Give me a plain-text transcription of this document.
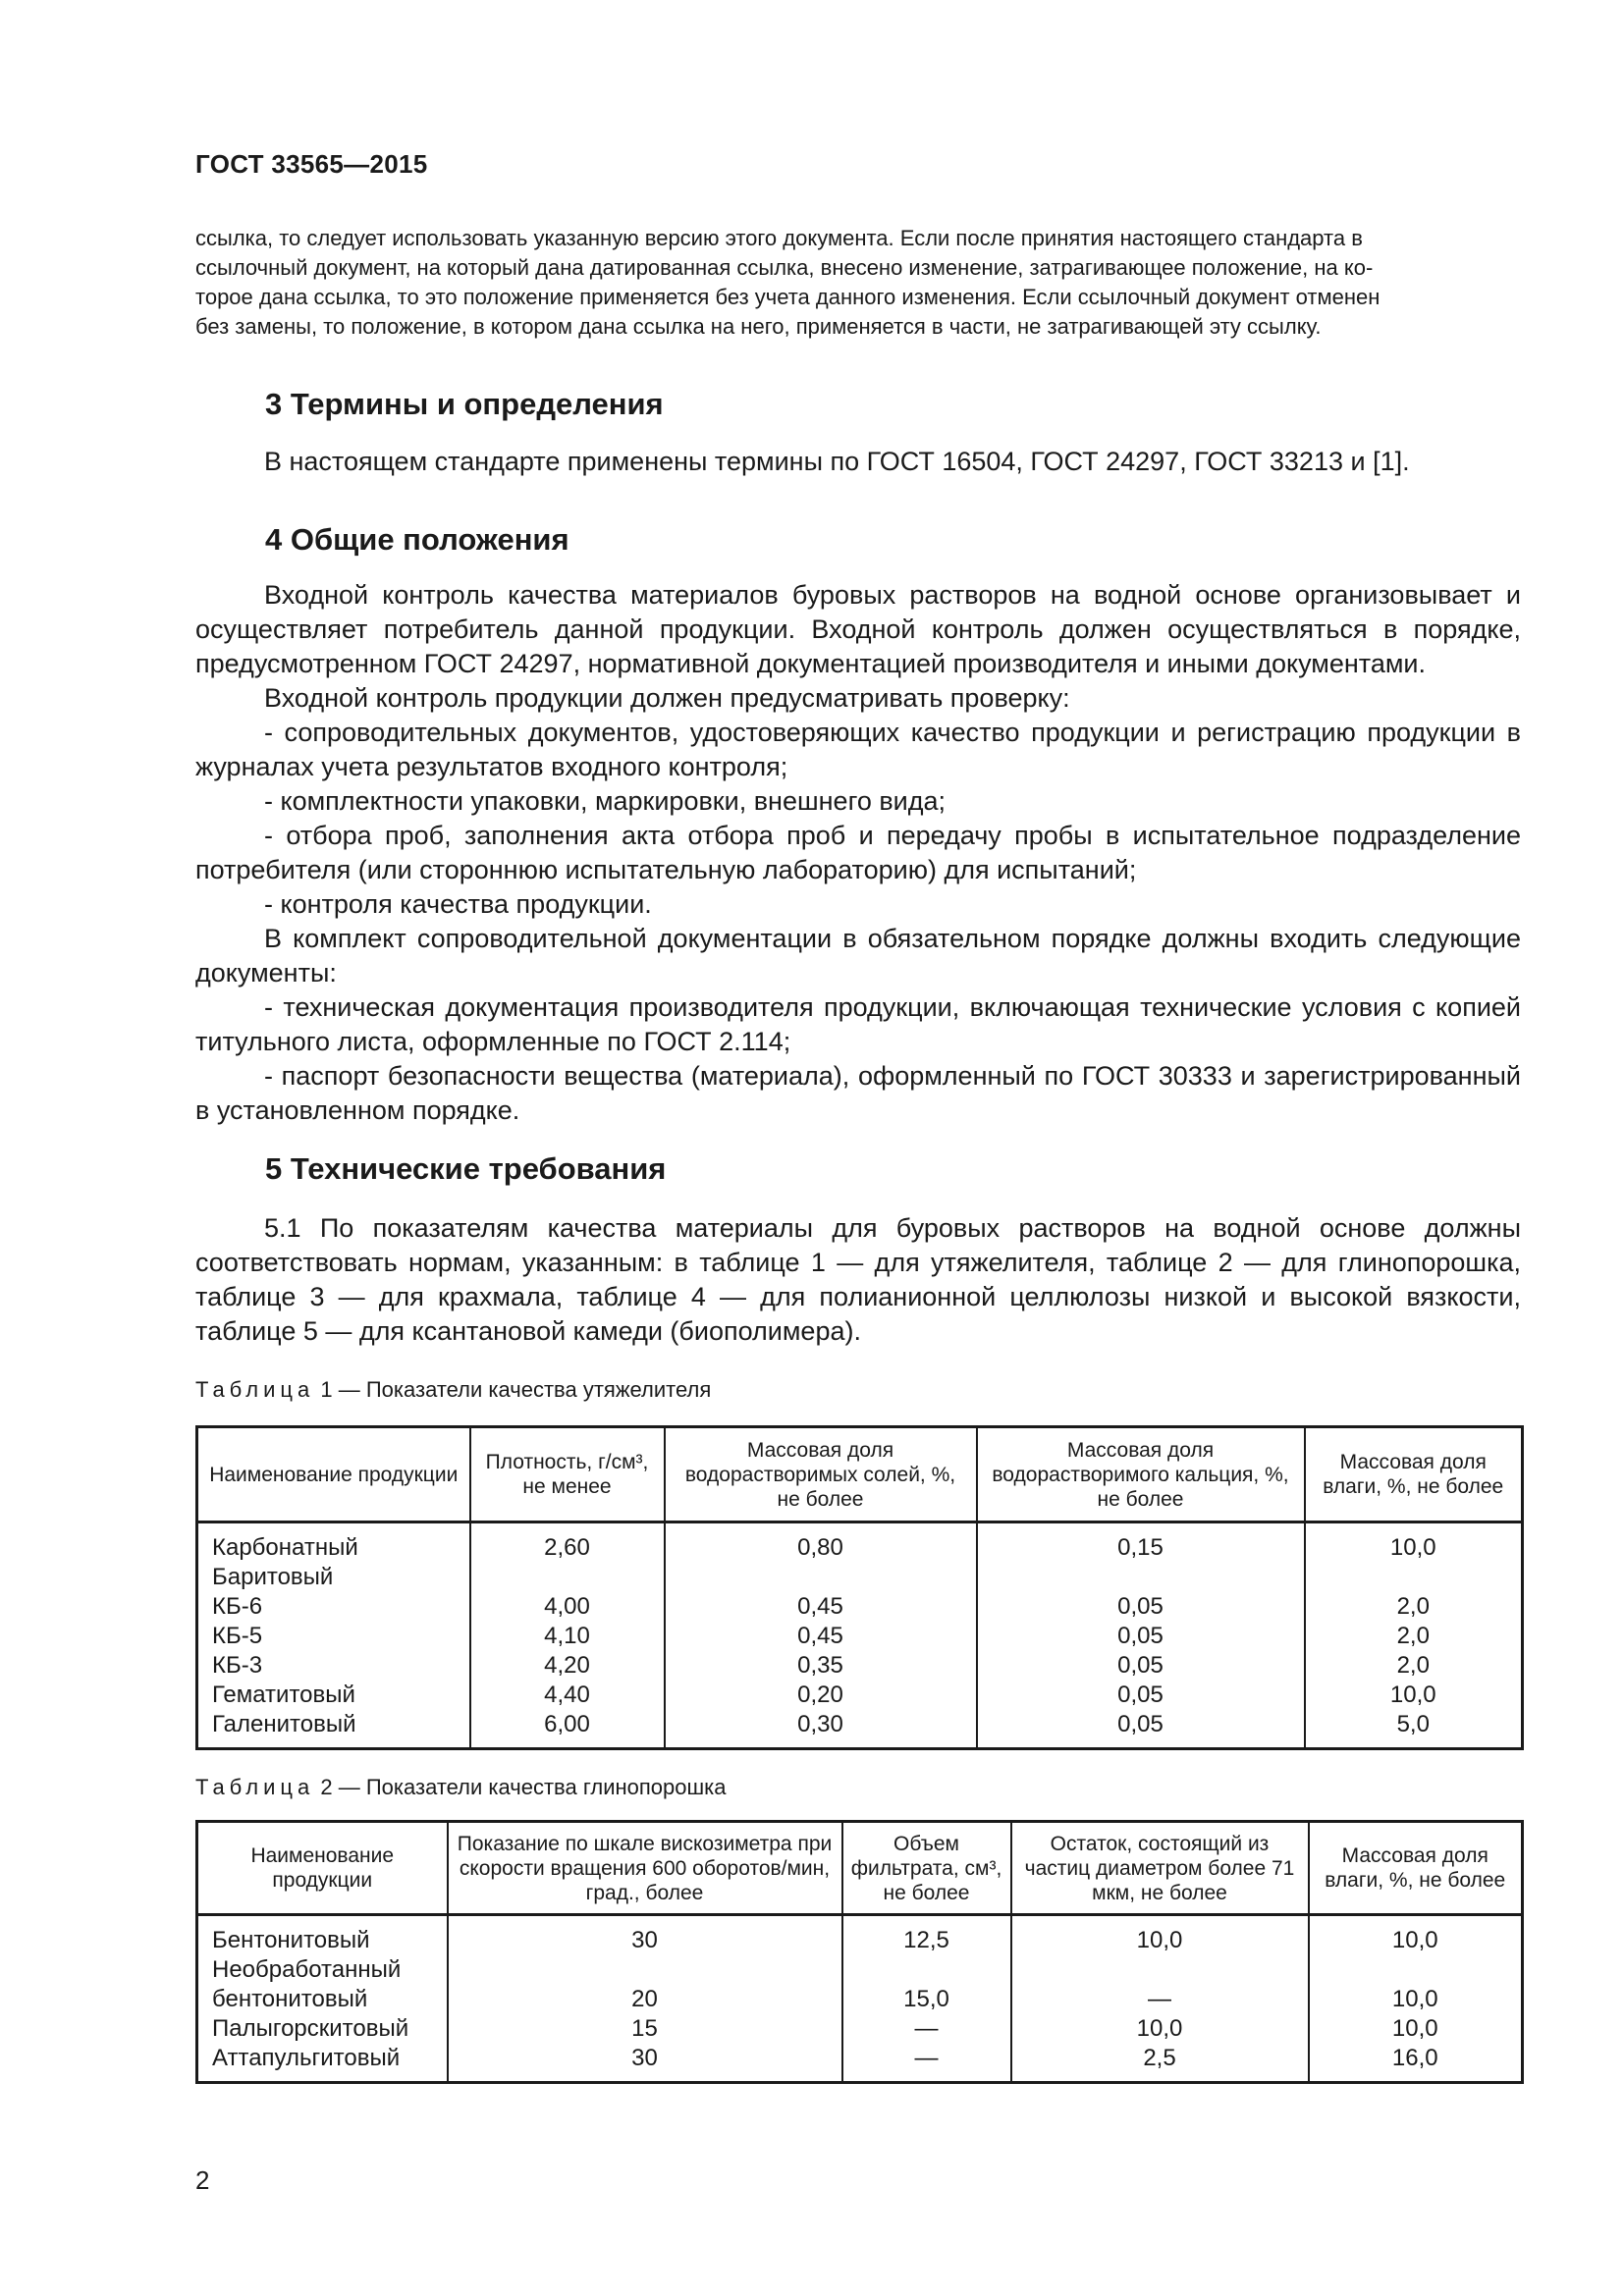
ГОСТ 33565—2015

ссылка, то следует использовать указанную версию этого документа. Если после принятия настоящего стандарта в

ссылочный документ, на который дана датированная ссылка, внесено изменение, затрагивающее положение, на ко-

торое дана ссылка, то это положение применяется без учета данного изменения. Если ссылочный документ отменен

без замены, то положение, в котором дана ссылка на него, применяется в части, не затрагивающей эту ссылку.

3 Термины и определения

В настоящем стандарте применены термины по ГОСТ 16504, ГОСТ 24297, ГОСТ 33213 и [1].

4 Общие положения

Входной контроль качества материалов буровых растворов на водной основе организовывает и осуществляет потребитель данной продукции. Входной контроль должен осуществляться в порядке, предусмотренном ГОСТ 24297, нормативной документацией производителя и иными документами.

Входной контроль продукции должен предусматривать проверку:

- сопроводительных документов, удостоверяющих качество продукции и регистрацию продукции в журналах учета результатов входного контроля;

- комплектности упаковки, маркировки, внешнего вида;

- отбора проб, заполнения акта отбора проб и передачу пробы в испытательное подразделение потребителя (или стороннюю испытательную лабораторию) для испытаний;

- контроля качества продукции.

В комплект сопроводительной документации в обязательном порядке должны входить следующие документы:

- техническая документация производителя продукции, включающая технические условия с копией титульного листа, оформленные по ГОСТ 2.114;

- паспорт безопасности вещества (материала), оформленный по ГОСТ 30333 и зарегистрированный в установленном порядке.

5 Технические требования

5.1 По показателям качества материалы для буровых растворов на водной основе должны соответствовать нормам, указанным: в таблице 1 — для утяжелителя, таблице 2 — для глинопорошка, таблице 3 — для крахмала, таблице 4 — для полианионной целлюлозы низкой и высокой вязкости, таблице 5 — для ксантановой камеди (биополимера).

Таблица 1 — Показатели качества утяжелителя
Наименование продукции	Плотность, г/см³, не менее	Массовая доля водорастворимых солей, %, не более	Массовая доля водорастворимого кальция, %, не более	Массовая доля влаги, %, не более
Карбонатный	2,60	0,80	0,15	10,0
Баритовый				
КБ-6	4,00	0,45	0,05	2,0
КБ-5	4,10	0,45	0,05	2,0
КБ-3	4,20	0,35	0,05	2,0
Гематитовый	4,40	0,20	0,05	10,0
Галенитовый	6,00	0,30	0,05	5,0
Таблица 2 — Показатели качества глинопорошка
Наименование продукции	Показание по шкале вискозиметра при скорости вращения 600 оборотов/мин, град., более	Объем фильтрата, см³, не более	Остаток, состоящий из частиц диаметром более 71 мкм, не более	Массовая доля влаги, %, не более
Бентонитовый	30	12,5	10,0	10,0
Необработанный				
бентонитовый	20	15,0	—	10,0
Палыгорскитовый	15	—	10,0	10,0
Аттапульгитовый	30	—	2,5	16,0
2
